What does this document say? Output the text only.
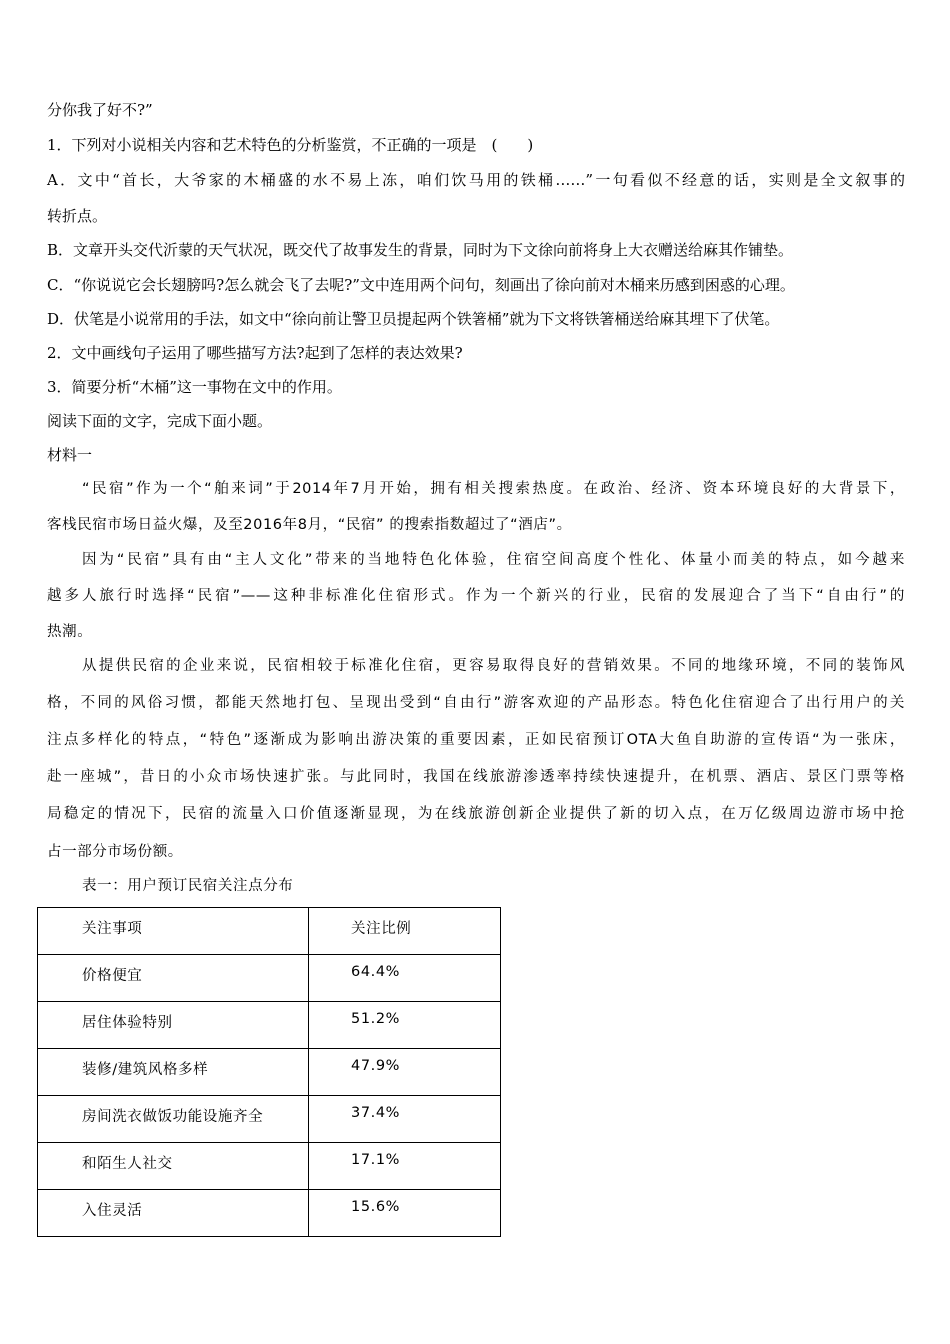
分你我了好不?”
1．下列对小说相关内容和艺术特色的分析鉴赏，不正确的一项是　(　　)
A．文中“首长，大爷家的木桶盛的水不易上冻，咱们饮马用的铁桶……”一句看似不经意的话，实则是全文叙事的
转折点。
B．文章开头交代沂蒙的天气状况，既交代了故事发生的背景，同时为下文徐向前将身上大衣赠送给麻其作铺垫。
C．“你说说它会长翅膀吗?怎么就会飞了去呢?”文中连用两个问句，刻画出了徐向前对木桶来历感到困惑的心理。
D．伏笔是小说常用的手法，如文中“徐向前让警卫员提起两个铁箸桶”就为下文将铁箸桶送给麻其埋下了伏笔。
2．文中画线句子运用了哪些描写方法?起到了怎样的表达效果?
3．简要分析“木桶”这一事物在文中的作用。
阅读下面的文字，完成下面小题。
材料一
“民宿”作为一个“舶来词”于2014年7月开始，拥有相关搜索热度。在政治、经济、资本环境良好的大背景下，
客栈民宿市场日益火爆，及至2016年8月，“民宿” 的搜索指数超过了“酒店”。
因为“民宿”具有由“主人文化”带来的当地特色化体验，住宿空间高度个性化、体量小而美的特点，如今越来
越多人旅行时选择“民宿”——这种非标准化住宿形式。作为一个新兴的行业，民宿的发展迎合了当下“自由行”的
热潮。
从提供民宿的企业来说，民宿相较于标准化住宿，更容易取得良好的营销效果。不同的地缘环境，不同的装饰风
格，不同的风俗习惯，都能天然地打包、呈现出受到“自由行”游客欢迎的产品形态。特色化住宿迎合了出行用户的关
注点多样化的特点，“特色”逐渐成为影响出游决策的重要因素，正如民宿预订OTA大鱼自助游的宣传语“为一张床，
赴一座城”，昔日的小众市场快速扩张。与此同时，我国在线旅游渗透率持续快速提升，在机票、酒店、景区门票等格
局稳定的情况下，民宿的流量入口价值逐渐显现，为在线旅游创新企业提供了新的切入点，在万亿级周边游市场中抢
占一部分市场份额。
表一：用户预订民宿关注点分布
关注事项	关注比例

价格便宜	64.4%

居住体验特别	51.2%

装修/建筑风格多样	47.9%

房间洗衣做饭功能设施齐全	37.4%

和陌生人社交	17.1%

入住灵活	15.6%
